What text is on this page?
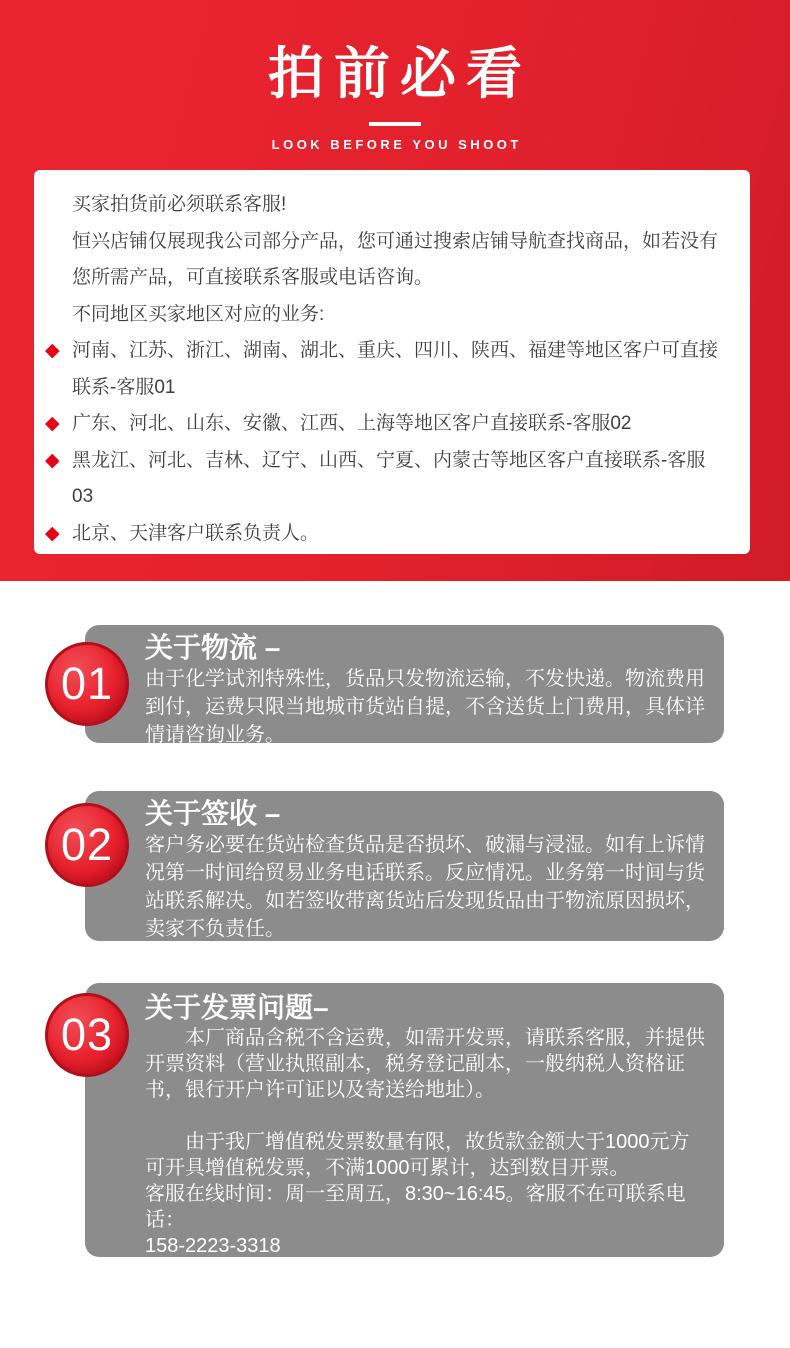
拍前必看
LOOK BEFORE YOU SHOOT

买家拍货前必须联系客服!

恒兴店铺仅展现我公司部分产品，您可通过搜索店铺导航查找商品，如若没有您所需产品，可直接联系客服或电话咨询。

不同地区买家地区对应的业务:

◆ 河南、江苏、浙江、湖南、湖北、重庆、四川、陕西、福建等地区客户可直接联系-客服01

◆ 广东、河北、山东、安徽、江西、上海等地区客户直接联系-客服02

◆ 黑龙江、河北、吉林、辽宁、山西、宁夏、内蒙古等地区客户直接联系-客服03

◆ 北京、天津客户联系负责人。

关于物流 –
由于化学试剂特殊性，货品只发物流运输，不发快递。物流费用到付，运费只限当地城市货站自提，不含送货上门费用，具体详情请咨询业务。
01
关于签收 –
客户务必要在货站检查货品是否损坏、破漏与浸湿。如有上诉情况第一时间给贸易业务电话联系。反应情况。业务第一时间与货站联系解决。如若签收带离货站后发现货品由于物流原因损坏，卖家不负责任。
02
关于发票问题–

本厂商品含税不含运费，如需开发票，请联系客服，并提供开票资料（营业执照副本，税务登记副本，一般纳税人资格证书，银行开户许可证以及寄送给地址）。

由于我厂增值税发票数量有限，故货款金额大于1000元方可开具增值税发票，不满1000可累计，达到数目开票。

客服在线时间：周一至周五，8:30~16:45。客服不在可联系电话：

158-2223-3318

说明：本站所有货物均为含税不含运费价格，如需开票请联系客服。

03
